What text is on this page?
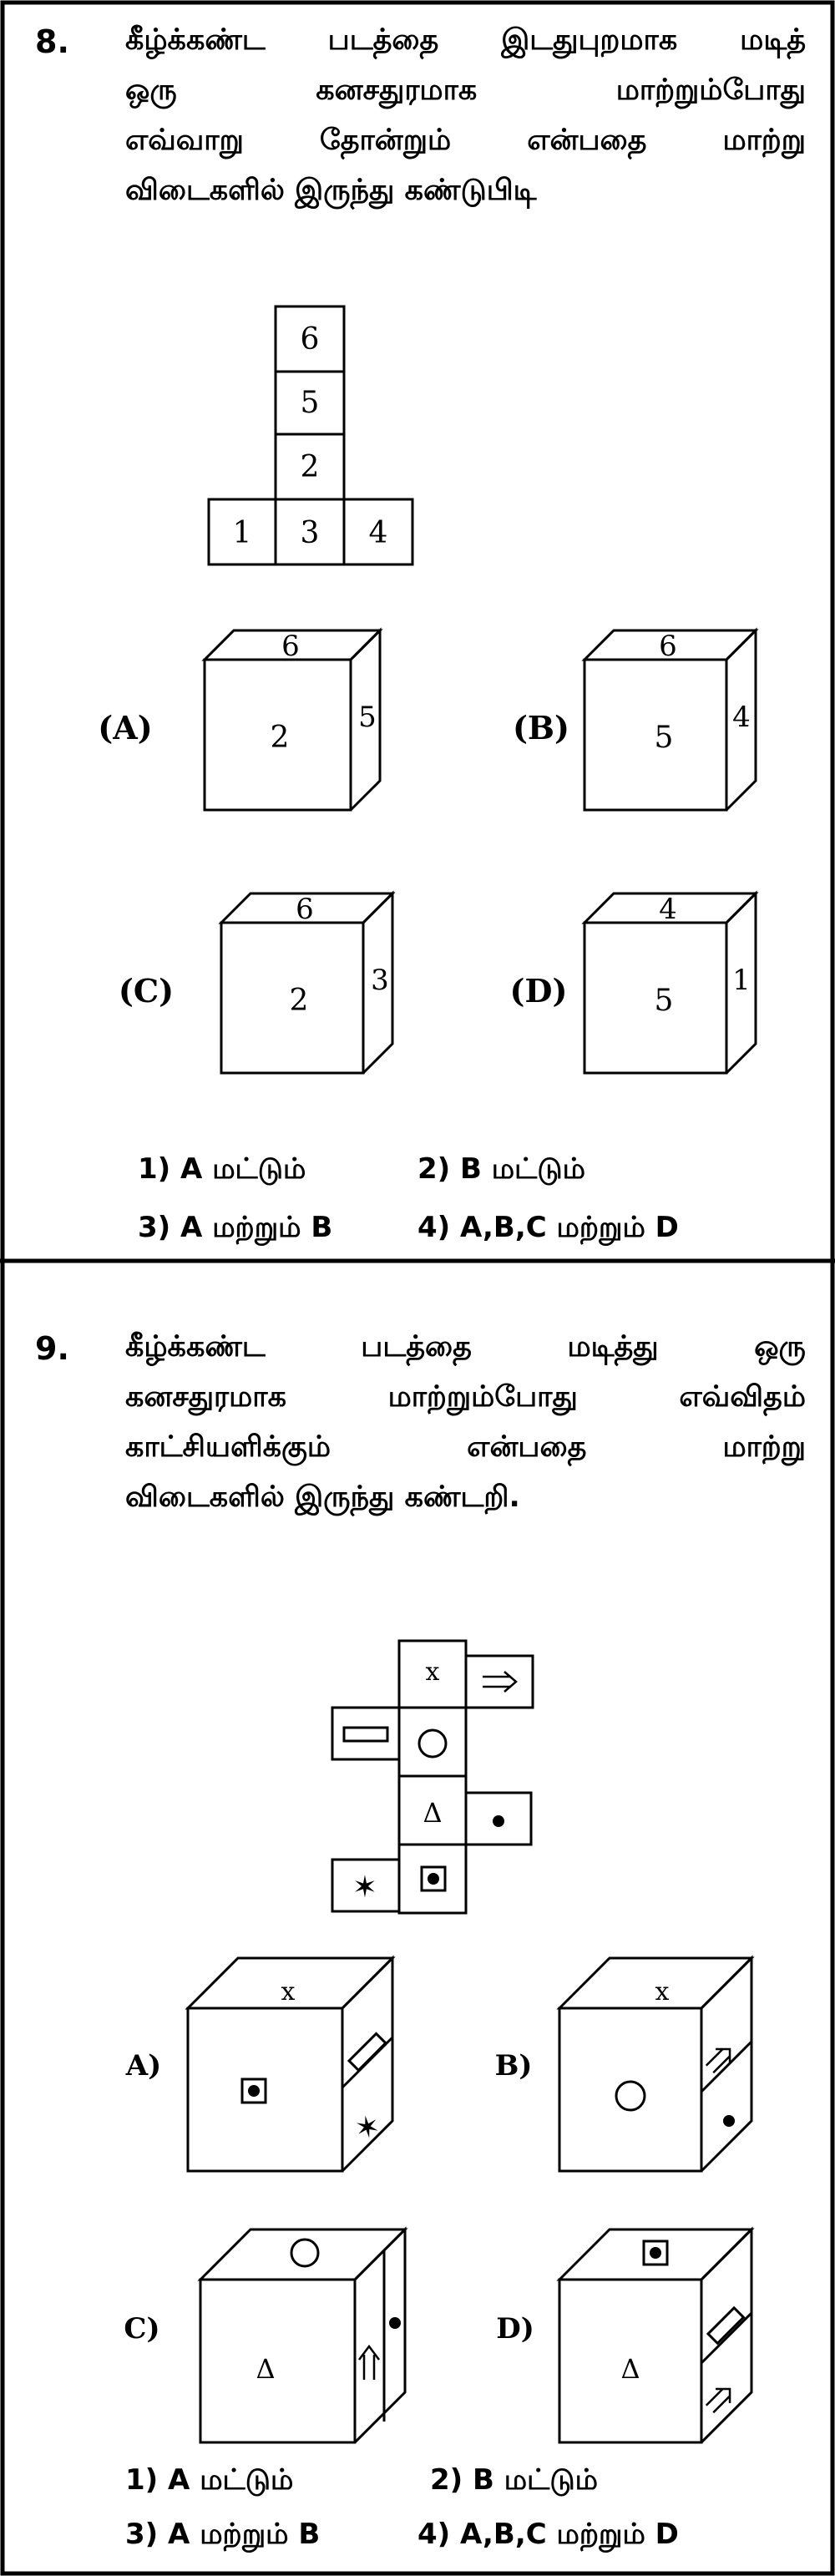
8. கீழ்க்கண்ட படத்தை இடதுபுறமாக மடித்
ஒரு கனசதுரமாக மாற்றும்போது
எவ்வாறு தோன்றும் என்பதை மாற்று
விடைகளில் இருந்து கண்டுபிடி
6
5
2
1 3 4
6
2
5
(A)
6
5
4
(B)
6
2
3
(C)
4
5
1
(D)
1) A மட்டும்	2) B மட்டும்
3) A மற்றும் B	4) A,B,C மற்றும் D
9. கீழ்க்கண்ட படத்தை மடித்து ஒரு
கனசதுரமாக மாற்றும்போது எவ்விதம்
காட்சியளிக்கும் என்பதை மாற்று
விடைகளில் இருந்து கண்டறி.
x
Δ
✶
x
✶
A)
x
B)
Δ
C)
Δ
D)
1) A மட்டும்	2) B மட்டும்
3) A மற்றும் B	4) A,B,C மற்றும் D
